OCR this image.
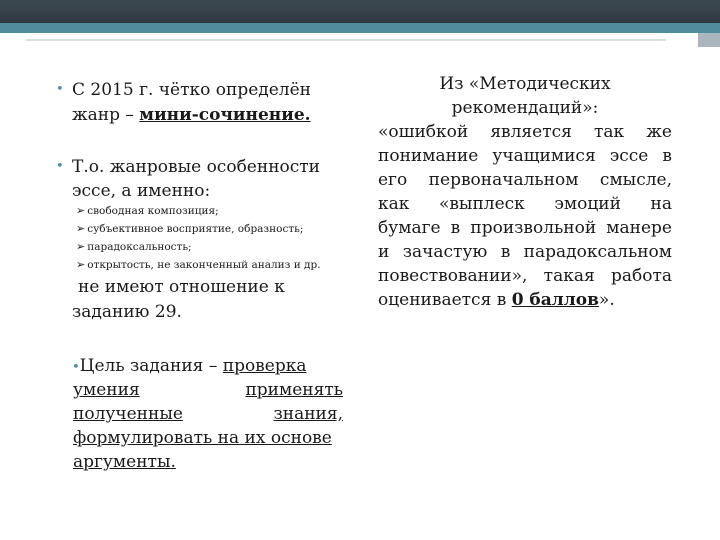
• С 2015 г. чётко определён
жанр – мини-сочинение.
• Т.о. жанровые особенности
эссе, а именно:
➢ свободная композиция;
➢ субъективное восприятие, образность;
➢ парадоксальность;
➢ открытость, не законченный анализ и др.
не имеют отношение к
заданию 29.
•Цель задания – проверка
умения	применять
полученные	знания,
формулировать на их основе
аргументы.
Из «Методических
рекомендаций»:
«ошибкой является так же
понимание учащимися эссе в
его первоначальном смысле,
как «выплеск эмоций на
бумаге в произвольной манере
и зачастую в парадоксальном
повествовании», такая работа
оценивается в 0 баллов».
